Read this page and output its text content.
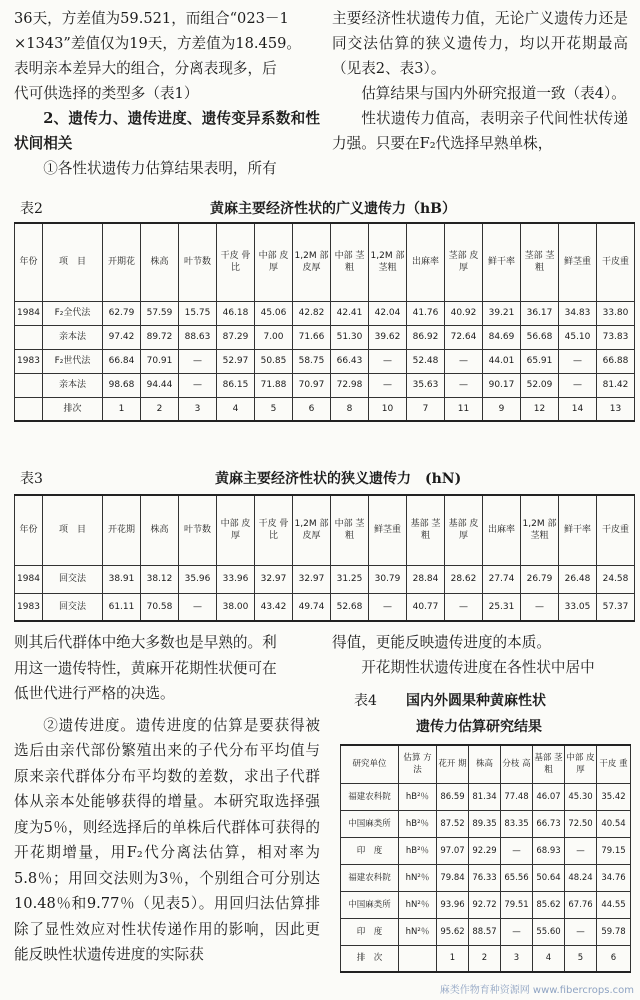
36天，方差值为59.521，而组合“023－1

×1343”差值仅为19天，方差值为18.459。

表明亲本差异大的组合，分离表现多，后

代可供选择的类型多（表1）

2、遗传力、遗传进度、遗传变异系数和性状间相关

①各性状遗传力估算结果表明，所有

主要经济性状遗传力值，无论广义遗传力还是同交法估算的狭义遗传力，均以开花期最高（见表2、表3）。

估算结果与国内外研究报道一致（表4）。

性状遗传力值高，表明亲子代间性状传递力强。只要在F₂代选择早熟单株，

表2	黄麻主要经济性状的广义遗传力（hB）
年份	项　目	开期花	株高	叶节数	干皮 骨比	中部 皮厚	1,2M 部皮厚	中部 茎粗	1,2M 部茎粗	出麻率	茎部 皮厚	鲜干率	茎部 茎粗	鲜茎重	干皮重
1984	F₂全代法	62.79	57.59	15.75	46.18	45.06	42.82	42.41	42.04	41.76	40.92	39.21	36.17	34.83	33.80
	亲本法	97.42	89.72	88.63	87.29	7.00	71.66	51.30	39.62	86.92	72.64	84.69	56.68	45.10	73.83
1983	F₂世代法	66.84	70.91	—	52.97	50.85	58.75	66.43	—	52.48	—	44.01	65.91	—	66.88
	亲本法	98.68	94.44	—	86.15	71.88	70.97	72.98	—	35.63	—	90.17	52.09	—	81.42
	排次	1	2	3	4	5	6	8	10	7	11	9	12	14	13
表3	黄麻主要经济性状的狭义遗传力　(hN)
年份	项　目	开花期	株高	叶节数	中部 皮厚	干皮 骨比	1,2M 部皮厚	中部 茎粗	鲜茎重	基部 茎粗	基部 皮厚	出麻率	1,2M 部茎粗	鲜干率	干皮重
1984	回交法	38.91	38.12	35.96	33.96	32.97	32.97	31.25	30.79	28.84	28.62	27.74	26.79	26.48	24.58
1983	回交法	61.11	70.58	—	38.00	43.42	49.74	52.68	—	40.77	—	25.31	—	33.05	57.37

则其后代群体中绝大多数也是早熟的。利

用这一遗传特性，黄麻开花期性状便可在

低世代进行严格的决选。

②遗传进度。遗传进度的估算是要获得被选后由亲代部份繁殖出来的子代分布平均值与原来亲代群体分布平均数的差数，求出子代群体从亲本处能够获得的增量。本研究取选择强度为5％，则经选择后的单株后代群体可获得的开花期增量，用F₂代分离法估算，相对率为5.8％；用回交法则为3％，个别组合可分别达10.48％和9.77％（见表5）。用回归法估算排除了显性效应对性状传递作用的影响，因此更能反映性状遗传进度的实际获

得值，更能反映遗传进度的本质。

开花期性状遗传进度在各性状中居中

表4 国内外圆果种黄麻性状
遗传力估算研究结果
研究单位	估算 方法	花开 期	株高	分枝 高	基部 茎粗	中部 皮厚	干皮 重
福建农科院	hB²％	86.59	81.34	77.48	46.07	45.30	35.42
中国麻类所	hB²％	87.52	89.35	83.35	66.73	72.50	40.54
印　度	hB²％	97.07	92.29	—	68.93	—	79.15
福建农科院	hN²％	79.84	76.33	65.56	50.64	48.24	34.76
中国麻类所	hN²％	93.96	92.72	79.51	85.62	67.76	44.55
印　度	hN²％	95.62	88.57	—	55.60	—	59.78
排　次		1	2	3	4	5	6
麻类作物育种资源网 www.fibercrops.com
